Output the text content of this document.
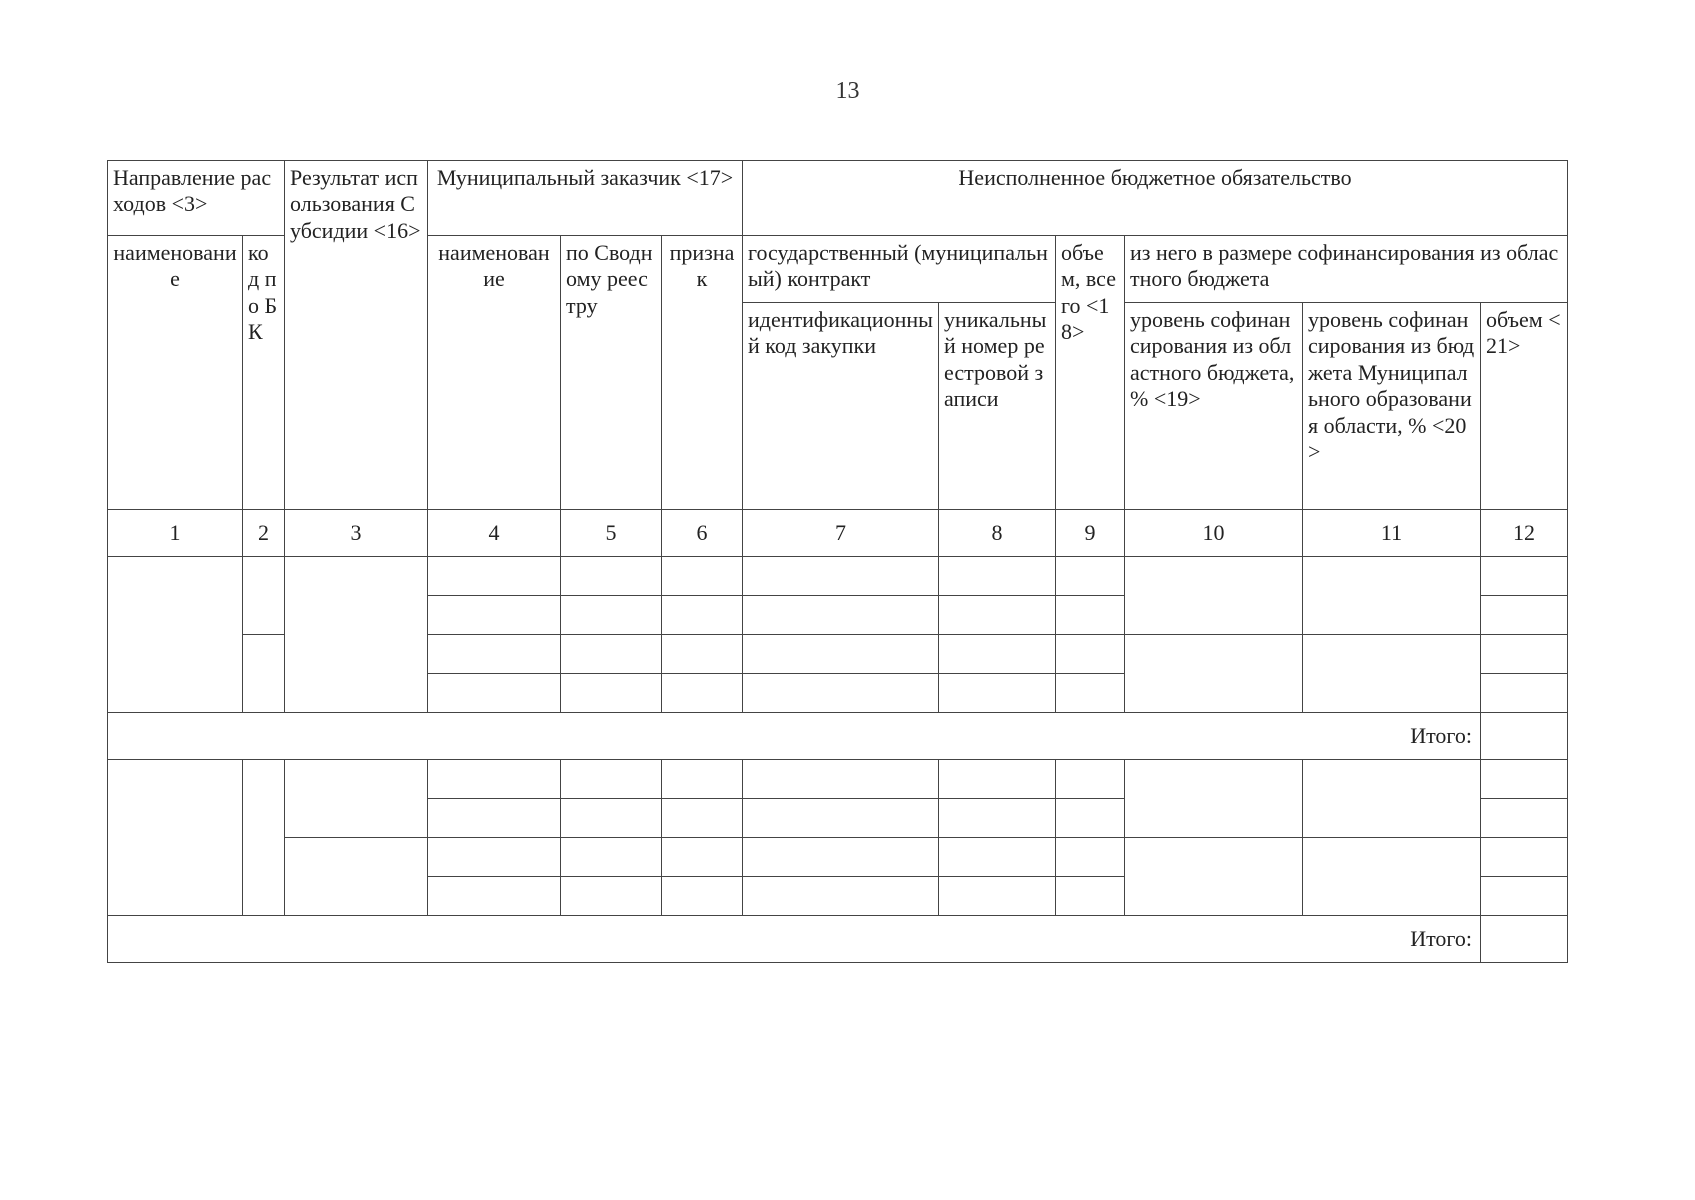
13
Направление расходов <3>		Результат использования Субсидии <16>	Муниципальный заказчик <17>			Неисполненное бюджетное обязательство					
наименование	код по БК		наименование	по Сводному реестру	признак	государственный (муниципальный) контракт		объем, всего <18>	из него в размере софинансирования из областного бюджета		
						идентификационный код закупки	уникальный номер реестровой записи		уровень софинансирования из областного бюджета, % <19>	уровень софинансирования из бюджета Муниципального образования области, % <20>	объем <21>
1	2	3	4	5	6	7	8	9	10	11	12

Итого:											

Итого:											
